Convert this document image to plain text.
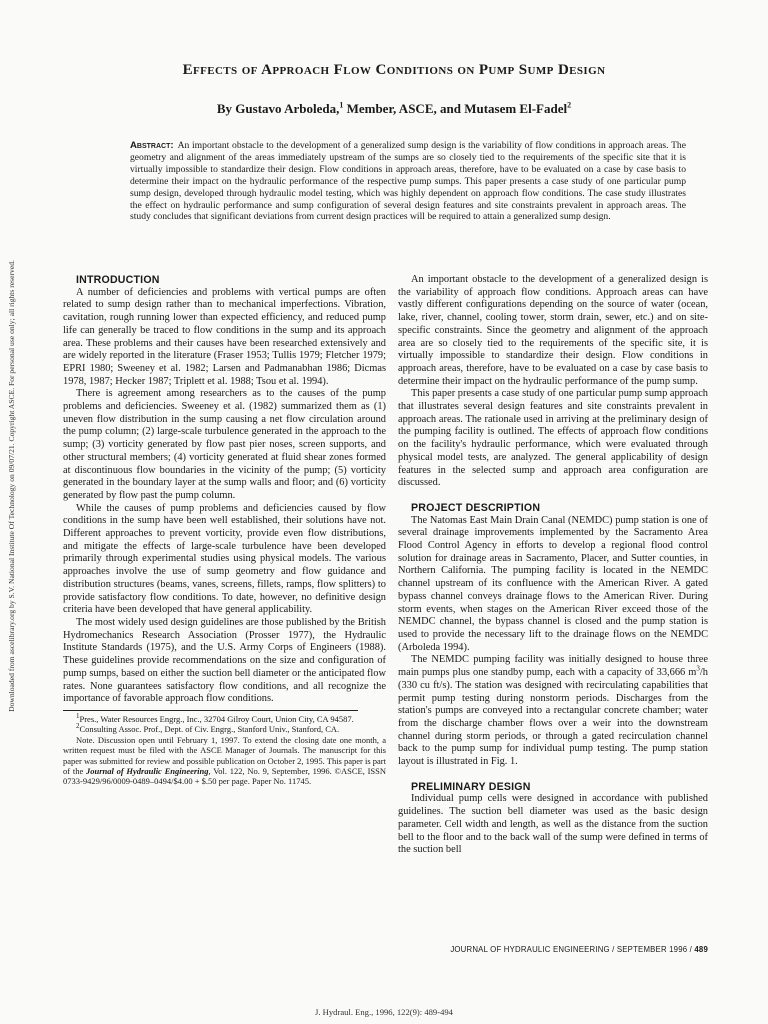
Downloaded from ascelibrary.org by S.V. National Institute Of Technology on 09/07/21. Copyright ASCE. For personal use only; all rights reserved.
Effects of Approach Flow Conditions on Pump Sump Design
By Gustavo Arboleda,$^1$ Member, ASCE, and Mutasem El-Fadel$^2$
Abstract: An important obstacle to the development of a generalized sump design is the variability of flow conditions in approach areas. The geometry and alignment of the areas immediately upstream of the sumps are so closely tied to the requirements of the specific site that it is virtually impossible to standardize their design. Flow conditions in approach areas, therefore, have to be evaluated on a case by case basis to determine their impact on the hydraulic performance of the respective pump sumps. This paper presents a case study of one particular pump sump design, developed through hydraulic model testing, which was highly dependent on approach flow conditions. The case study illustrates the effect on hydraulic performance and sump configuration of several design features and site constraints prevalent in approach areas. The study concludes that significant deviations from current design practices will be required to attain a generalized sump design.

INTRODUCTION

A number of deficiencies and problems with vertical pumps are often related to sump design rather than to mechanical imperfections. Vibration, cavitation, rough running lower than expected efficiency, and reduced pump life can generally be traced to flow conditions in the sump and its approach area. These problems and their causes have been researched extensively and are widely reported in the literature (Fraser 1953; Tullis 1979; Fletcher 1979; EPRI 1980; Sweeney et al. 1982; Larsen and Padmanabhan 1986; Dicmas 1978, 1987; Hecker 1987; Triplett et al. 1988; Tsou et al. 1994).

There is agreement among researchers as to the causes of the pump problems and deficiencies. Sweeney et al. (1982) summarized them as (1) uneven flow distribution in the sump causing a net flow circulation around the pump column; (2) large-scale turbulence generated in the approach to the sump; (3) vorticity generated by flow past pier noses, screen supports, and other structural members; (4) vorticity generated at fluid shear zones formed at discontinuous flow boundaries in the vicinity of the pump; (5) vorticity generated in the boundary layer at the sump walls and floor; and (6) vorticity generated by flow past the pump column.

While the causes of pump problems and deficiencies caused by flow conditions in the sump have been well established, their solutions have not. Different approaches to prevent vorticity, provide even flow distributions, and mitigate the effects of large-scale turbulence have been developed primarily through experimental studies using physical models. The various approaches involve the use of sump geometry and flow guidance and distribution structures (beams, vanes, screens, fillets, ramps, flow splitters) to provide satisfactory flow conditions. To date, however, no definitive design criteria have been developed that have general applicability.

The most widely used design guidelines are those published by the British Hydromechanics Research Association (Prosser 1977), the Hydraulic Institute Standards (1975), and the U.S. Army Corps of Engineers (1988). These guidelines provide recommendations on the size and configuration of pump sumps, based on either the suction bell diameter or the anticipated flow rates. None guarantees satisfactory flow conditions, and all recognize the importance of favorable approach flow conditions.

$^1$Pres., Water Resources Engrg., Inc., 32704 Gilroy Court, Union City, CA 94587.

$^2$Consulting Assoc. Prof., Dept. of Civ. Engrg., Stanford Univ., Stanford, CA.

Note. Discussion open until February 1, 1997. To extend the closing date one month, a written request must be filed with the ASCE Manager of Journals. The manuscript for this paper was submitted for review and possible publication on October 2, 1995. This paper is part of the Journal of Hydraulic Engineering, Vol. 122, No. 9, September, 1996. ©ASCE, ISSN 0733-9429/96/0009-0489–0494/$4.00 + $.50 per page. Paper No. 11745.

An important obstacle to the development of a generalized design is the variability of approach flow conditions. Approach areas can have vastly different configurations depending on the source of water (ocean, lake, river, channel, cooling tower, storm drain, sewer, etc.) and on site-specific constraints. Since the geometry and alignment of the approach area are so closely tied to the requirements of the specific site, it is virtually impossible to standardize their design. Flow conditions in approach areas, therefore, have to be evaluated on a case by case basis to determine their impact on the hydraulic performance of the pump sump.

This paper presents a case study of one particular pump sump approach that illustrates several design features and site constraints prevalent in approach areas. The rationale used in arriving at the preliminary design of the pumping facility is outlined. The effects of approach flow conditions on the facility's hydraulic performance, which were evaluated through physical model tests, are analyzed. The general applicability of design features in the selected sump and approach area configuration are discussed.

PROJECT DESCRIPTION

The Natomas East Main Drain Canal (NEMDC) pump station is one of several drainage improvements implemented by the Sacramento Area Flood Control Agency in efforts to develop a regional flood control solution for drainage areas in Sacramento, Placer, and Sutter counties, in Northern California. The pumping facility is located in the NEMDC channel upstream of its confluence with the American River. A gated bypass channel conveys drainage flows to the American River. During storm events, when stages on the American River exceed those of the NEMDC channel, the bypass channel is closed and the pump station is used to provide the necessary lift to the drainage flows on the NEMDC (Arboleda 1994).

The NEMDC pumping facility was initially designed to house three main pumps plus one standby pump, each with a capacity of 33,666 $m^3/h$ (330 cu ft/s). The station was designed with recirculating capabilities that permit pump testing during nonstorm periods. Discharges from the station's pumps are conveyed into a rectangular concrete chamber; water from the discharge chamber flows over a weir into the downstream channel during storm periods, or through a gated recirculation channel back to the pump sump for individual pump testing. The pump station layout is illustrated in Fig. 1.

PRELIMINARY DESIGN

Individual pump cells were designed in accordance with published guidelines. The suction bell diameter was used as the basic design parameter. Cell width and length, as well as the distance from the suction bell to the floor and to the back wall of the sump were defined in terms of the suction bell

JOURNAL OF HYDRAULIC ENGINEERING / SEPTEMBER 1996 / 489
J. Hydraul. Eng., 1996, 122(9): 489-494
